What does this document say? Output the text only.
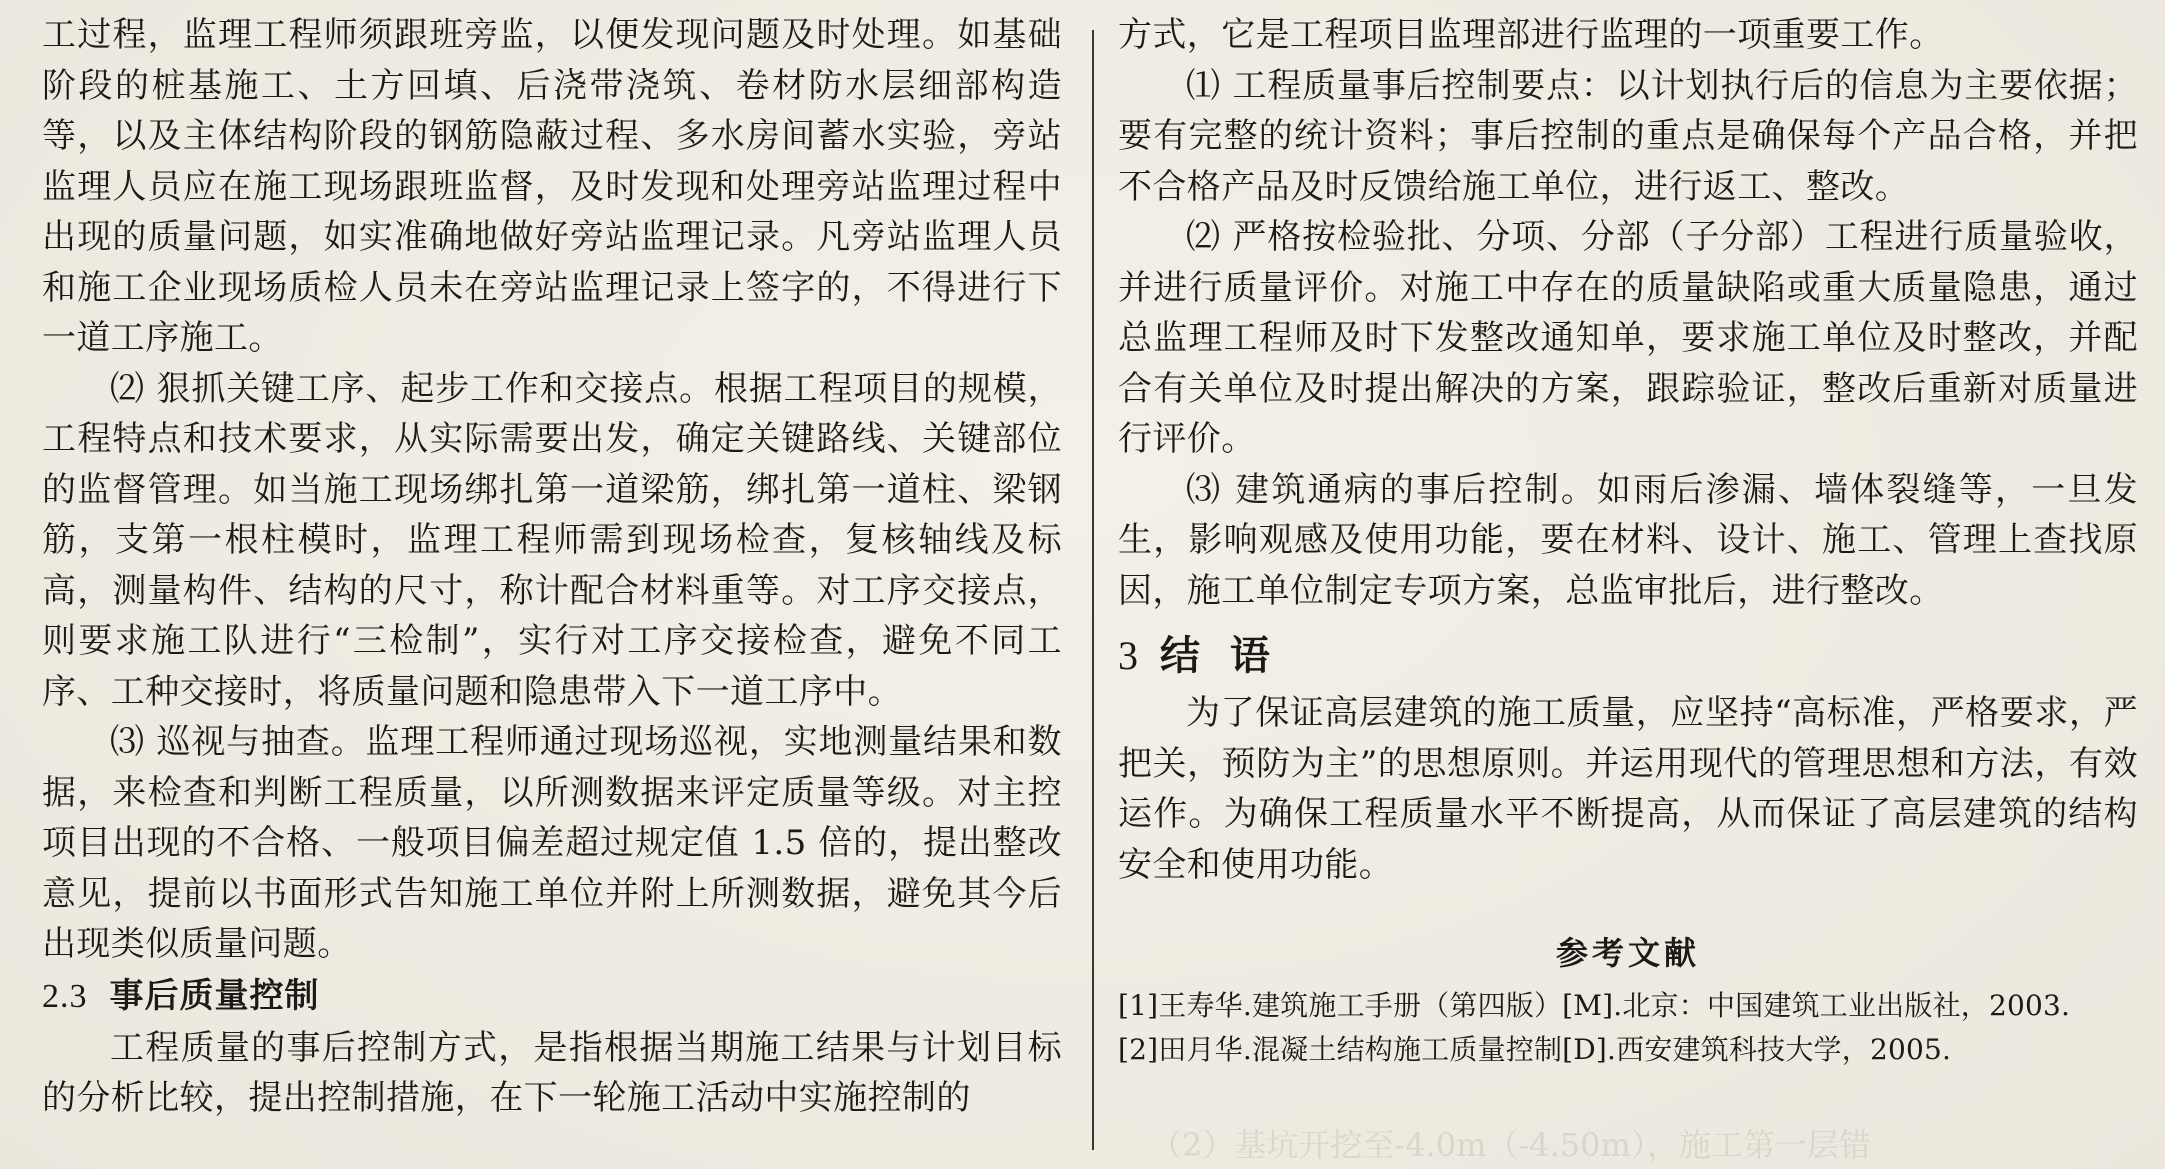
（2）基坑开挖至-4.0m（-4.50m），施工第一层错

工过程，监理工程师须跟班旁监，以便发现问题及时处理。如基础阶段的桩基施工、土方回填、后浇带浇筑、卷材防水层细部构造等，以及主体结构阶段的钢筋隐蔽过程、多水房间蓄水实验，旁站监理人员应在施工现场跟班监督，及时发现和处理旁站监理过程中出现的质量问题，如实准确地做好旁站监理记录。凡旁站监理人员和施工企业现场质检人员未在旁站监理记录上签字的，不得进行下一道工序施工。

⑵ 狠抓关键工序、起步工作和交接点。根据工程项目的规模，工程特点和技术要求，从实际需要出发，确定关键路线、关键部位的监督管理。如当施工现场绑扎第一道梁筋，绑扎第一道柱、梁钢筋，支第一根柱模时，监理工程师需到现场检查，复核轴线及标高，测量构件、结构的尺寸，称计配合材料重等。对工序交接点，则要求施工队进行“三检制”，实行对工序交接检查，避免不同工序、工种交接时，将质量问题和隐患带入下一道工序中。

⑶ 巡视与抽查。监理工程师通过现场巡视，实地测量结果和数据，来检查和判断工程质量，以所测数据来评定质量等级。对主控项目出现的不合格、一般项目偏差超过规定值 1.5 倍的，提出整改意见，提前以书面形式告知施工单位并附上所测数据，避免其今后出现类似质量问题。

2.3 事后质量控制

工程质量的事后控制方式，是指根据当期施工结果与计划目标的分析比较，提出控制措施，在下一轮施工活动中实施控制的

方式，它是工程项目监理部进行监理的一项重要工作。

⑴ 工程质量事后控制要点：以计划执行后的信息为主要依据；要有完整的统计资料；事后控制的重点是确保每个产品合格，并把不合格产品及时反馈给施工单位，进行返工、整改。

⑵ 严格按检验批、分项、分部（子分部）工程进行质量验收，并进行质量评价。对施工中存在的质量缺陷或重大质量隐患，通过总监理工程师及时下发整改通知单，要求施工单位及时整改，并配合有关单位及时提出解决的方案，跟踪验证，整改后重新对质量进行评价。

⑶ 建筑通病的事后控制。如雨后渗漏、墙体裂缝等，一旦发生，影响观感及使用功能，要在材料、设计、施工、管理上查找原因，施工单位制定专项方案，总监审批后，进行整改。

3 结 语

为了保证高层建筑的施工质量，应坚持“高标准，严格要求，严把关，预防为主”的思想原则。并运用现代的管理思想和方法，有效运作。为确保工程质量水平不断提高，从而保证了高层建筑的结构安全和使用功能。

参考文献

[1]王寿华.建筑施工手册（第四版）[M].北京：中国建筑工业出版社，2003.

[2]田月华.混凝土结构施工质量控制[D].西安建筑科技大学，2005.
